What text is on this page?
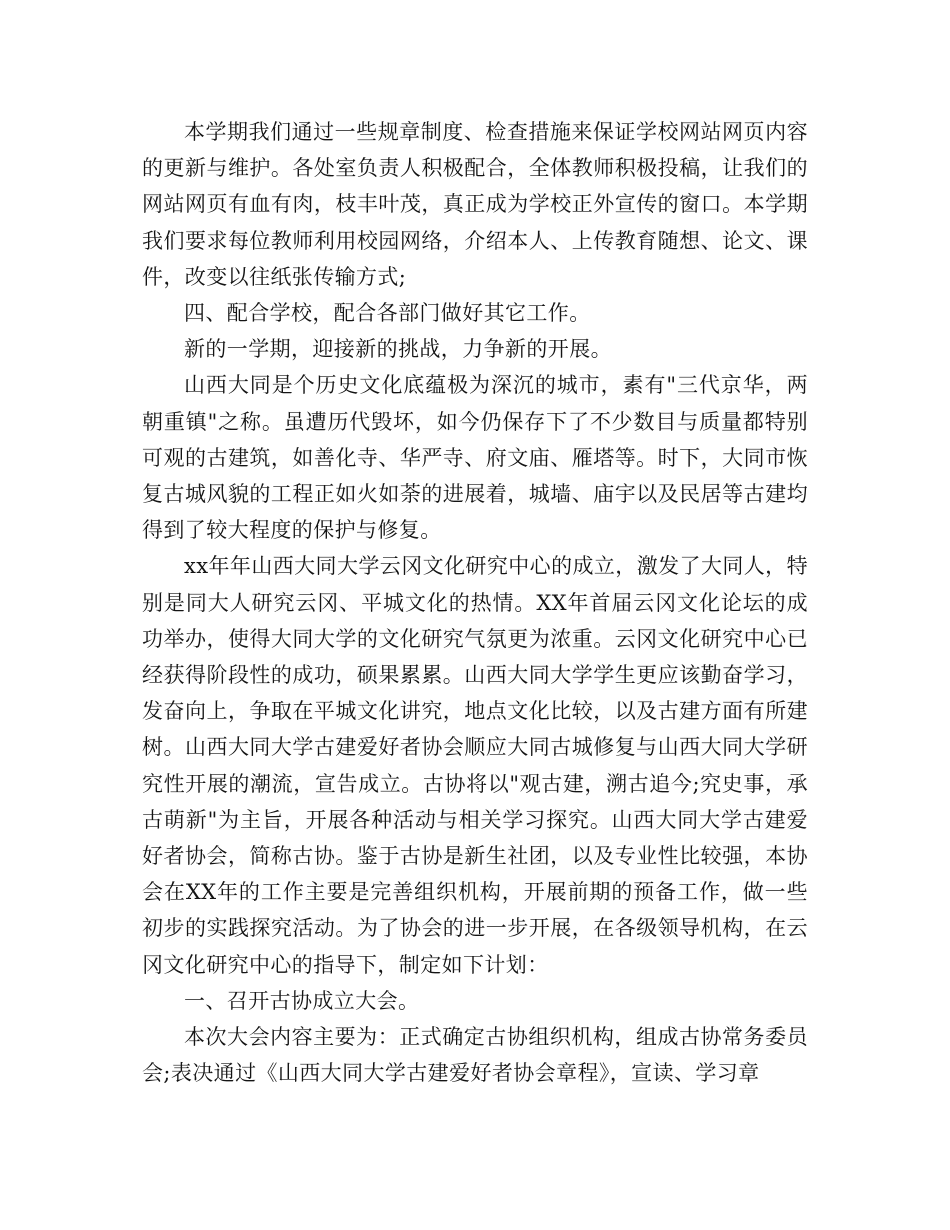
本学期我们通过一些规章制度、检查措施来保证学校网站网页内容的更新与维护。各处室负责人积极配合，全体教师积极投稿，让我们的网站网页有血有肉，枝丰叶茂，真正成为学校正外宣传的窗口。本学期我们要求每位教师利用校园网络，介绍本人、上传教育随想、论文、课件，改变以往纸张传输方式;

四、配合学校，配合各部门做好其它工作。

新的一学期，迎接新的挑战，力争新的开展。

山西大同是个历史文化底蕴极为深沉的城市，素有"三代京华，两朝重镇"之称。虽遭历代毁坏，如今仍保存下了不少数目与质量都特别可观的古建筑，如善化寺、华严寺、府文庙、雁塔等。时下，大同市恢复古城风貌的工程正如火如荼的进展着，城墙、庙宇以及民居等古建均得到了较大程度的保护与修复。

xx年年山西大同大学云冈文化研究中心的成立，激发了大同人，特别是同大人研究云冈、平城文化的热情。XX年首届云冈文化论坛的成功举办，使得大同大学的文化研究气氛更为浓重。云冈文化研究中心已经获得阶段性的成功，硕果累累。山西大同大学学生更应该勤奋学习，发奋向上，争取在平城文化讲究，地点文化比较，以及古建方面有所建树。山西大同大学古建爱好者协会顺应大同古城修复与山西大同大学研究性开展的潮流，宣告成立。古协将以"观古建，溯古追今;究史事，承古萌新"为主旨，开展各种活动与相关学习探究。山西大同大学古建爱好者协会，简称古协。鉴于古协是新生社团，以及专业性比较强，本协会在XX年的工作主要是完善组织机构，开展前期的预备工作，做一些初步的实践探究活动。为了协会的进一步开展，在各级领导机构，在云冈文化研究中心的指导下，制定如下计划：

一、召开古协成立大会。

本次大会内容主要为：正式确定古协组织机构，组成古协常务委员会;表决通过《山西大同大学古建爱好者协会章程》，宣读、学习章
